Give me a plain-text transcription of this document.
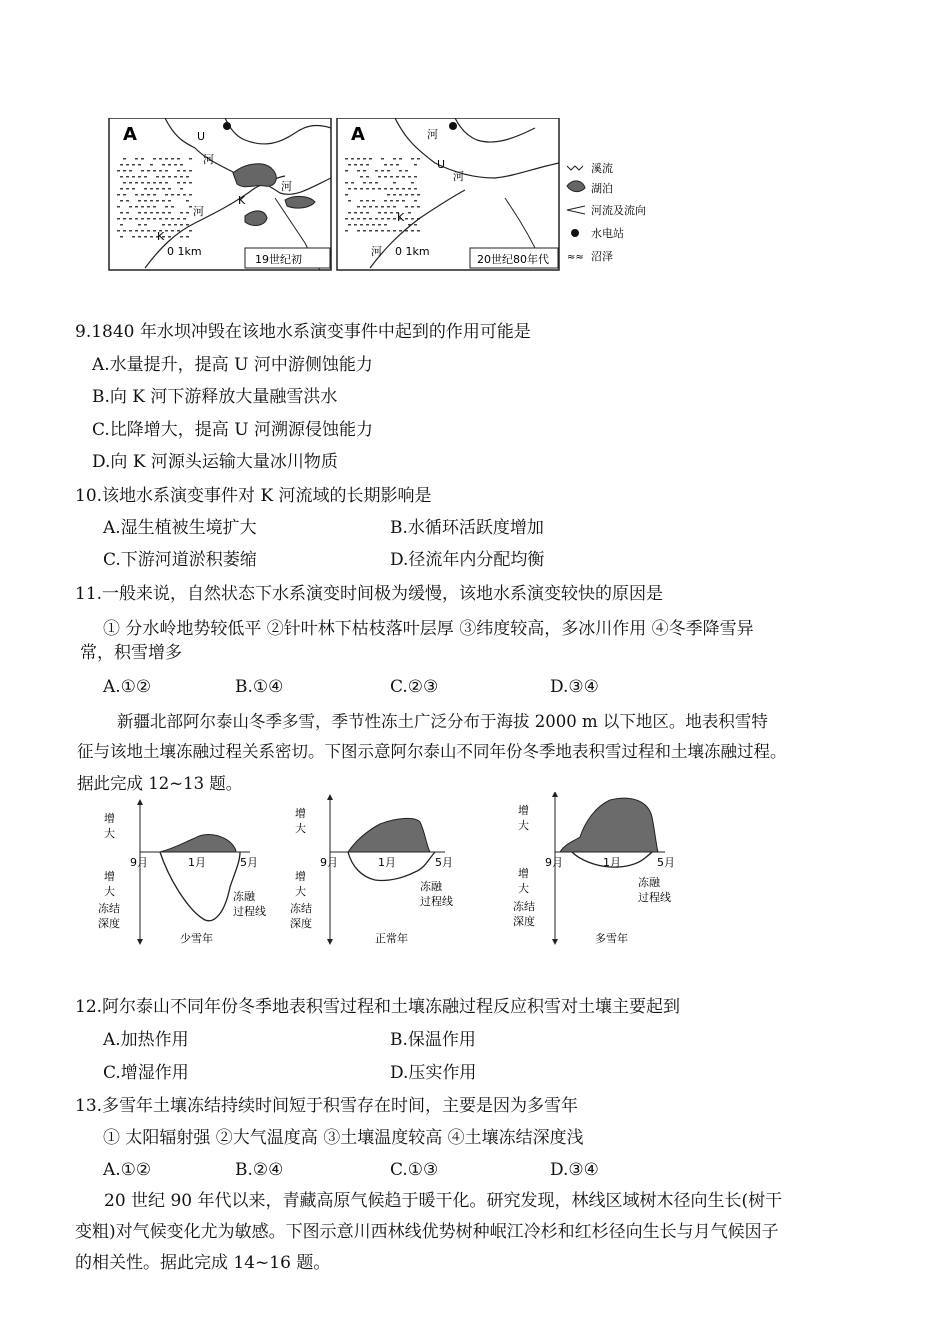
A	U
河
河
河
K
K
0 1km
19世纪初
A	河
U
河
K
河 0 1km
20世纪80年代
溪流
湖泊
河流及流向
水电站
≈≈ 沼泽
9.1840 年水坝冲毁在该地水系演变事件中起到的作用可能是
A.水量提升，提高 U 河中游侧蚀能力
B.向 K 河下游释放大量融雪洪水
C.比降增大，提高 U 河溯源侵蚀能力
D.向 K 河源头运输大量冰川物质
10.该地水系演变事件对 K 河流域的长期影响是
A.湿生植被生境扩大	B.水循环活跃度增加
C.下游河道淤积萎缩	D.径流年内分配均衡
11.一般来说，自然状态下水系演变时间极为缓慢，该地水系演变较快的原因是
① 分水岭地势较低平 ②针叶林下枯枝落叶层厚 ③纬度较高，多冰川作用 ④冬季降雪异
常，积雪增多
A.①②	B.①④	C.②③	D.③④
新疆北部阿尔泰山冬季多雪，季节性冻土广泛分布于海拔 2000 m 以下地区。地表积雪特
征与该地土壤冻融过程关系密切。下图示意阿尔泰山不同年份冬季地表积雪过程和土壤冻融过程。
据此完成 12~13 题。
增
大
增
大
冻结
深度
9月	1月	5月
冻融
过程线
少雪年
增
大
增
大
冻结
深度
9月	1月	5月
冻融
过程线
正常年
增
大
增
大
冻结
深度
9月	1月	5月
冻融
过程线
多雪年
12.阿尔泰山不同年份冬季地表积雪过程和土壤冻融过程反应积雪对土壤主要起到
A.加热作用	B.保温作用
C.增湿作用	D.压实作用
13.多雪年土壤冻结持续时间短于积雪存在时间，主要是因为多雪年
① 太阳辐射强 ②大气温度高 ③土壤温度较高 ④土壤冻结深度浅
A.①②	B.②④	C.①③	D.③④
20 世纪 90 年代以来，青藏高原气候趋于暖干化。研究发现，林线区域树木径向生长(树干
变粗)对气候变化尤为敏感。下图示意川西林线优势树种岷江冷杉和红杉径向生长与月气候因子
的相关性。据此完成 14~16 题。
